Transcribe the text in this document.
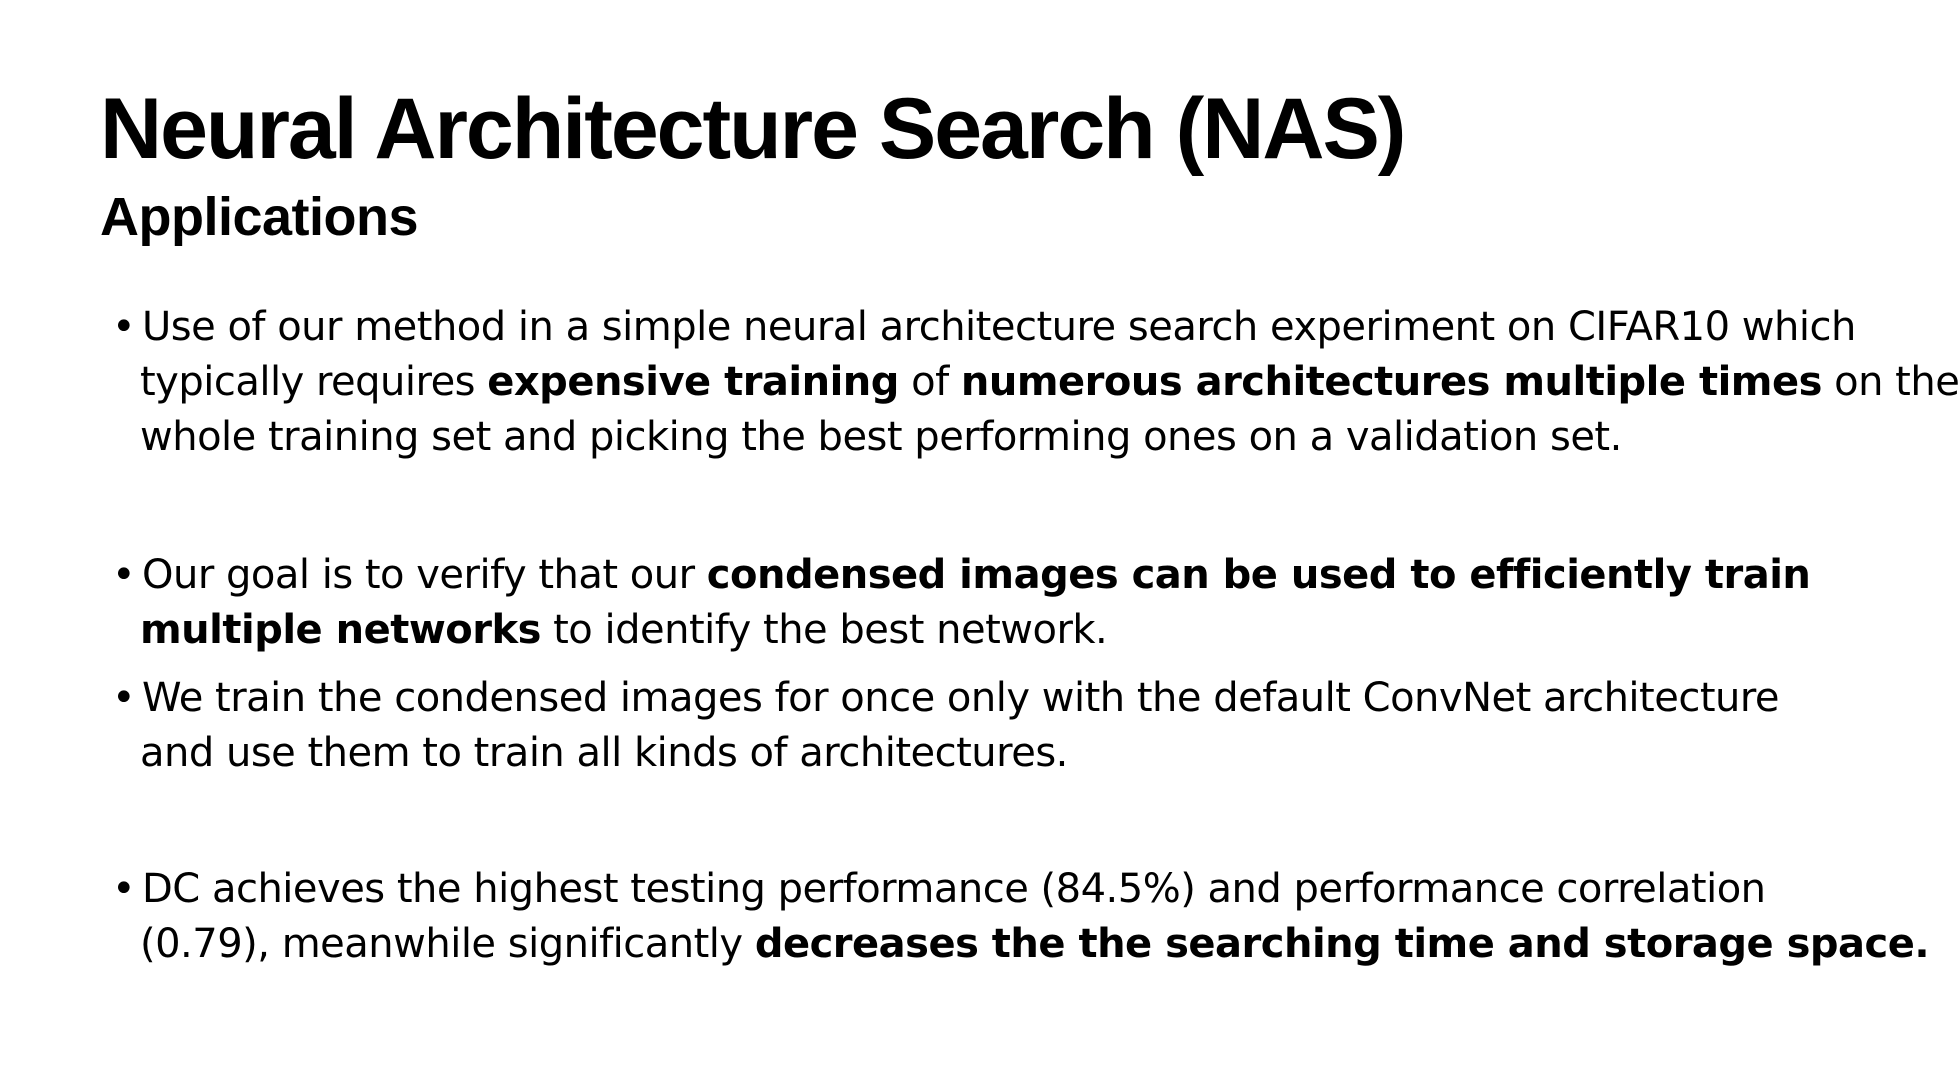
Neural Architecture Search (NAS)
Applications
• Use of our method in a simple neural architecture search experiment on CIFAR10 which
typically requires expensive training of numerous architectures multiple times on the
whole training set and picking the best performing ones on a validation set.
• Our goal is to verify that our condensed images can be used to efficiently train
multiple networks to identify the best network.
• We train the condensed images for once only with the default ConvNet architecture
and use them to train all kinds of architectures.
• DC achieves the highest testing performance (84.5%) and performance correlation
(0.79), meanwhile significantly decreases the the searching time and storage space.
